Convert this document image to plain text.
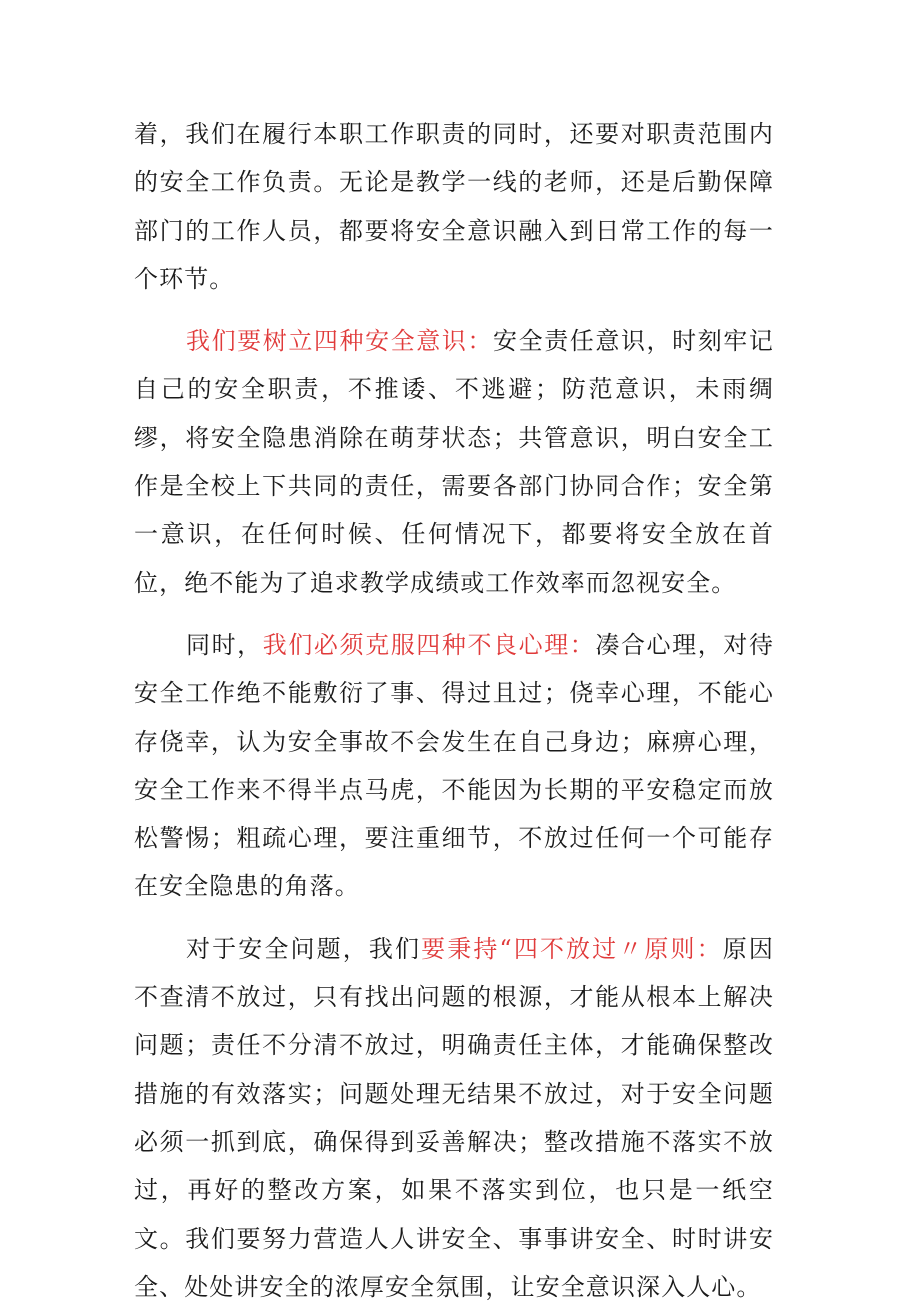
着，我们在履行本职工作职责的同时，还要对职责范围内的安全工作负责。无论是教学一线的老师，还是后勤保障部门的工作人员，都要将安全意识融入到日常工作的每一个环节。

我们要树立四种安全意识：安全责任意识，时刻牢记自己的安全职责，不推诿、不逃避；防范意识，未雨绸缪，将安全隐患消除在萌芽状态；共管意识，明白安全工作是全校上下共同的责任，需要各部门协同合作；安全第一意识，在任何时候、任何情况下，都要将安全放在首位，绝不能为了追求教学成绩或工作效率而忽视安全。

同时，我们必须克服四种不良心理：凑合心理，对待安全工作绝不能敷衍了事、得过且过；侥幸心理，不能心存侥幸，认为安全事故不会发生在自己身边；麻痹心理，安全工作来不得半点马虎，不能因为长期的平安稳定而放松警惕；粗疏心理，要注重细节，不放过任何一个可能存在安全隐患的角落。

对于安全问题，我们要秉持“四不放过〃原则：原因不查清不放过，只有找出问题的根源，才能从根本上解决问题；责任不分清不放过，明确责任主体，才能确保整改措施的有效落实；问题处理无结果不放过，对于安全问题必须一抓到底，确保得到妥善解决；整改措施不落实不放过，再好的整改方案，如果不落实到位，也只是一纸空文。我们要努力营造人人讲安全、事事讲安全、时时讲安全、处处讲安全的浓厚安全氛围，让安全意识深入人心。
